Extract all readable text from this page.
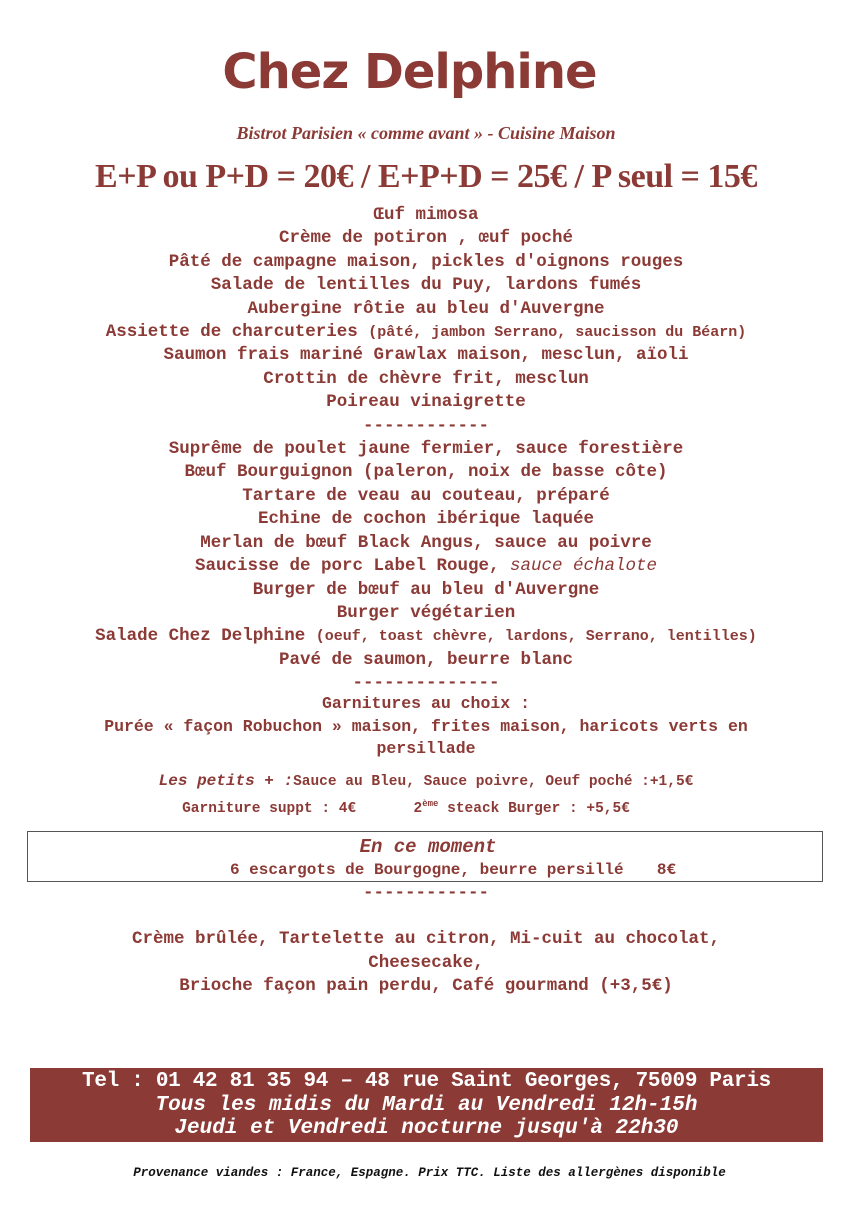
Chez Delphine
Bistrot Parisien « comme avant » - Cuisine Maison
E+P ou P+D = 20€ / E+P+D = 25€ / P seul = 15€
Œuf mimosa
Crème de potiron , œuf poché
Pâté de campagne maison, pickles d'oignons rouges
Salade de lentilles du Puy, lardons fumés
Aubergine rôtie au bleu d'Auvergne
Assiette de charcuteries (pâté, jambon Serrano, saucisson du Béarn)
Saumon frais mariné Grawlax maison, mesclun, aïoli
Crottin de chèvre frit, mesclun
Poireau vinaigrette
------------
Suprême de poulet jaune fermier, sauce forestière
Bœuf Bourguignon (paleron, noix de basse côte)
Tartare de veau au couteau, préparé
Echine de cochon ibérique laquée
Merlan de bœuf Black Angus, sauce au poivre
Saucisse de porc Label Rouge, sauce échalote
Burger de bœuf au bleu d'Auvergne
Burger végétarien
Salade Chez Delphine (oeuf, toast chèvre, lardons, Serrano, lentilles)
Pavé de saumon, beurre blanc
--------------
Garnitures au choix :
Purée « façon Robuchon » maison, frites maison, haricots verts en
persillade
Les petits + :Sauce au Bleu, Sauce poivre, Oeuf poché :+1,5€
Garniture suppt : 4€	2ème steack Burger : +5,5€
En ce moment
6 escargots de Bourgogne, beurre persillé 8€
------------
Crème brûlée, Tartelette au citron, Mi-cuit au chocolat,
Cheesecake,
Brioche façon pain perdu, Café gourmand (+3,5€)
Tel : 01 42 81 35 94 – 48 rue Saint Georges, 75009 Paris
Tous les midis du Mardi au Vendredi 12h-15h
Jeudi et Vendredi nocturne jusqu'à 22h30
Provenance viandes : France, Espagne. Prix TTC. Liste des allergènes disponible
